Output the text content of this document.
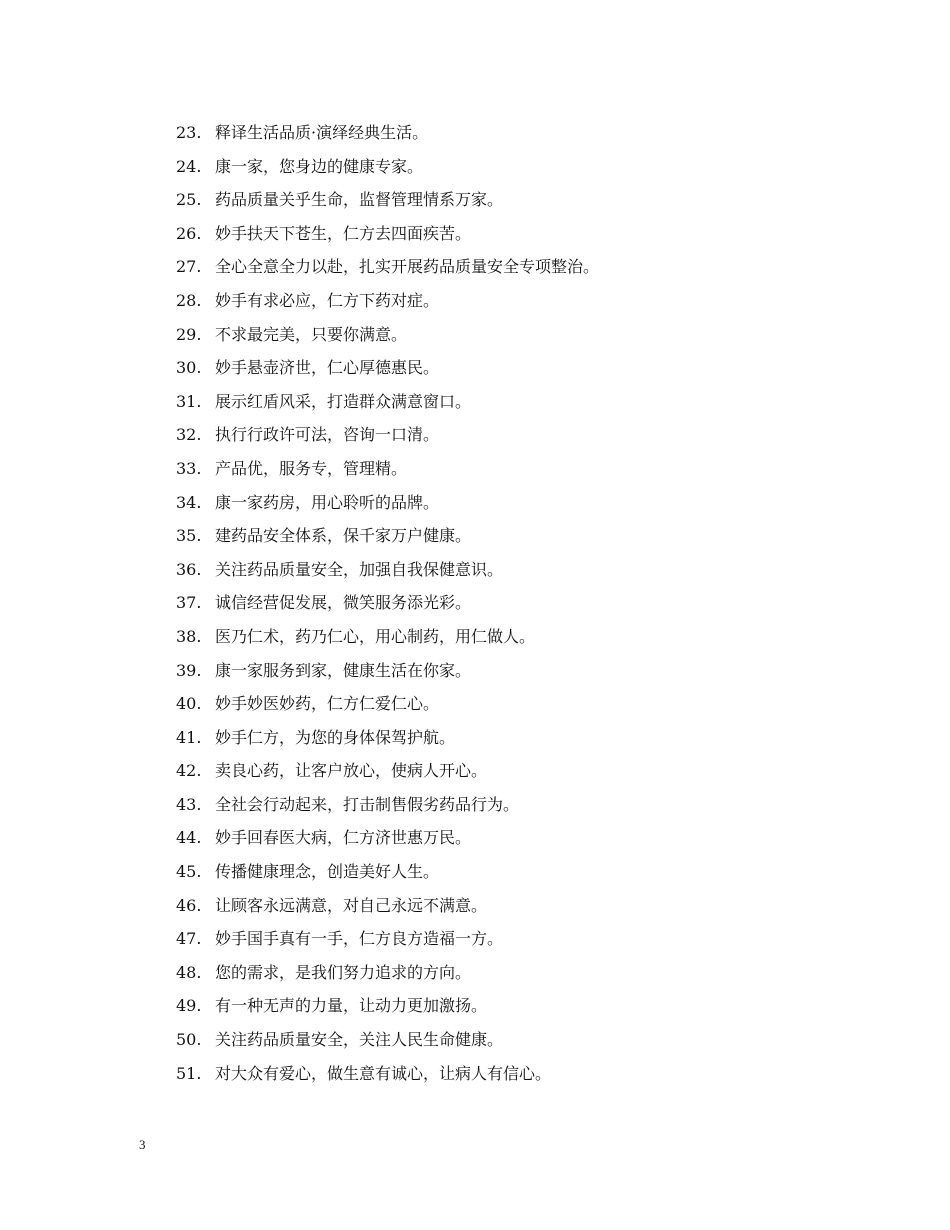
23. 释译生活品质·演绎经典生活。
24. 康一家，您身边的健康专家。
25. 药品质量关乎生命，监督管理情系万家。
26. 妙手扶天下苍生，仁方去四面疾苦。
27. 全心全意全力以赴，扎实开展药品质量安全专项整治。
28. 妙手有求必应，仁方下药对症。
29. 不求最完美，只要你满意。
30. 妙手悬壶济世，仁心厚德惠民。
31. 展示红盾风采，打造群众满意窗口。
32. 执行行政许可法，咨询一口清。
33. 产品优，服务专，管理精。
34. 康一家药房，用心聆听的品牌。
35. 建药品安全体系，保千家万户健康。
36. 关注药品质量安全，加强自我保健意识。
37. 诚信经营促发展，微笑服务添光彩。
38. 医乃仁术，药乃仁心，用心制药，用仁做人。
39. 康一家服务到家，健康生活在你家。
40. 妙手妙医妙药，仁方仁爱仁心。
41. 妙手仁方，为您的身体保驾护航。
42. 卖良心药，让客户放心，使病人开心。
43. 全社会行动起来，打击制售假劣药品行为。
44. 妙手回春医大病，仁方济世惠万民。
45. 传播健康理念，创造美好人生。
46. 让顾客永远满意，对自己永远不满意。
47. 妙手国手真有一手，仁方良方造福一方。
48. 您的需求，是我们努力追求的方向。
49. 有一种无声的力量，让动力更加激扬。
50. 关注药品质量安全，关注人民生命健康。
51. 对大众有爱心，做生意有诚心，让病人有信心。
3
